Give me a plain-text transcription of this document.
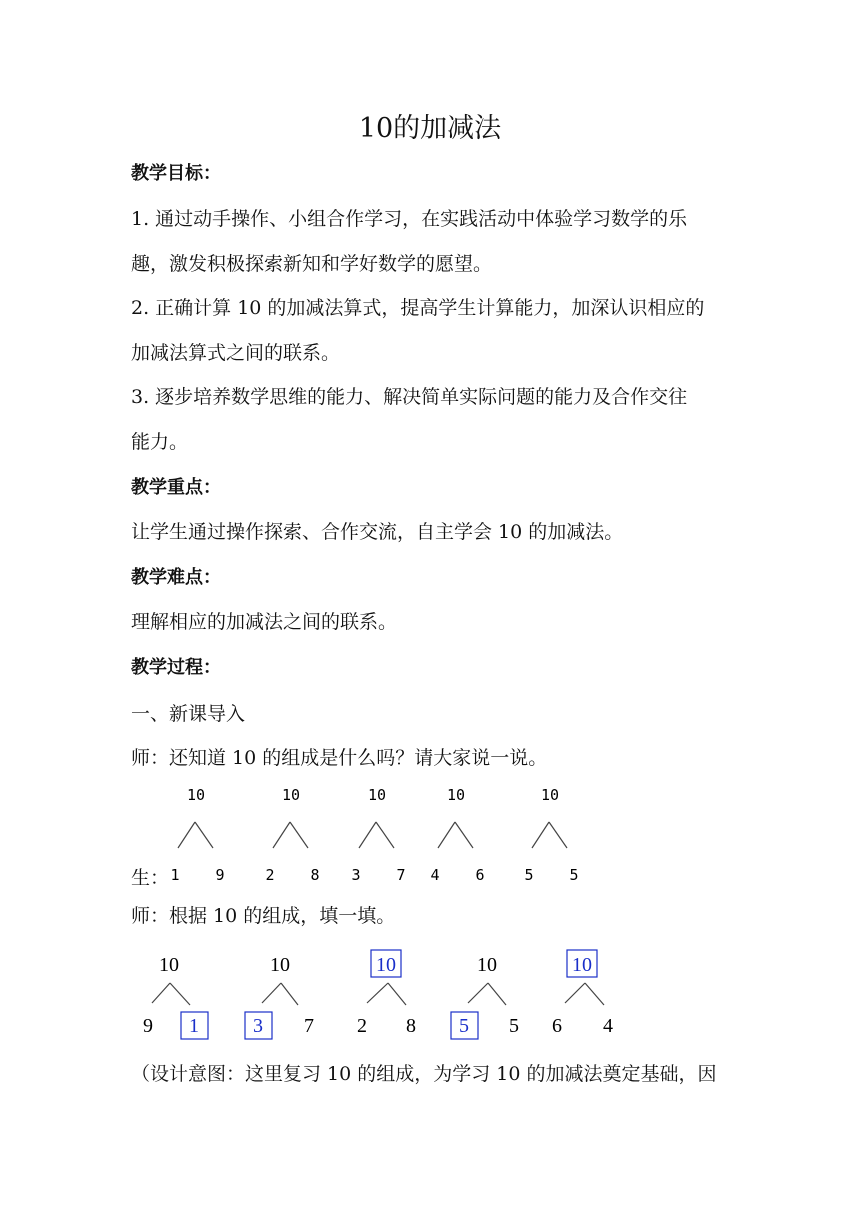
10的加减法
教学目标：
1. 通过动手操作、小组合作学习，在实践活动中体验学习数学的乐
趣，激发积极探索新知和学好数学的愿望。
2. 正确计算 10 的加减法算式，提高学生计算能力，加深认识相应的
加减法算式之间的联系。
3. 逐步培养数学思维的能力、解决简单实际问题的能力及合作交往
能力。
教学重点：
让学生通过操作探索、合作交流，自主学会 10 的加减法。
教学难点：
理解相应的加减法之间的联系。
教学过程：
一、新课导入
师：还知道 10 的组成是什么吗？请大家说一说。
生：
师：根据 10 的组成，填一填。
（设计意图：这里复习 10 的组成，为学习 10 的加减法奠定基础，因
10
1 9
10
2 8
10
3 7
10
4 6
10
5 5
10
9 1
10
3 7
10
2 8
10
5 5
10
6 4
